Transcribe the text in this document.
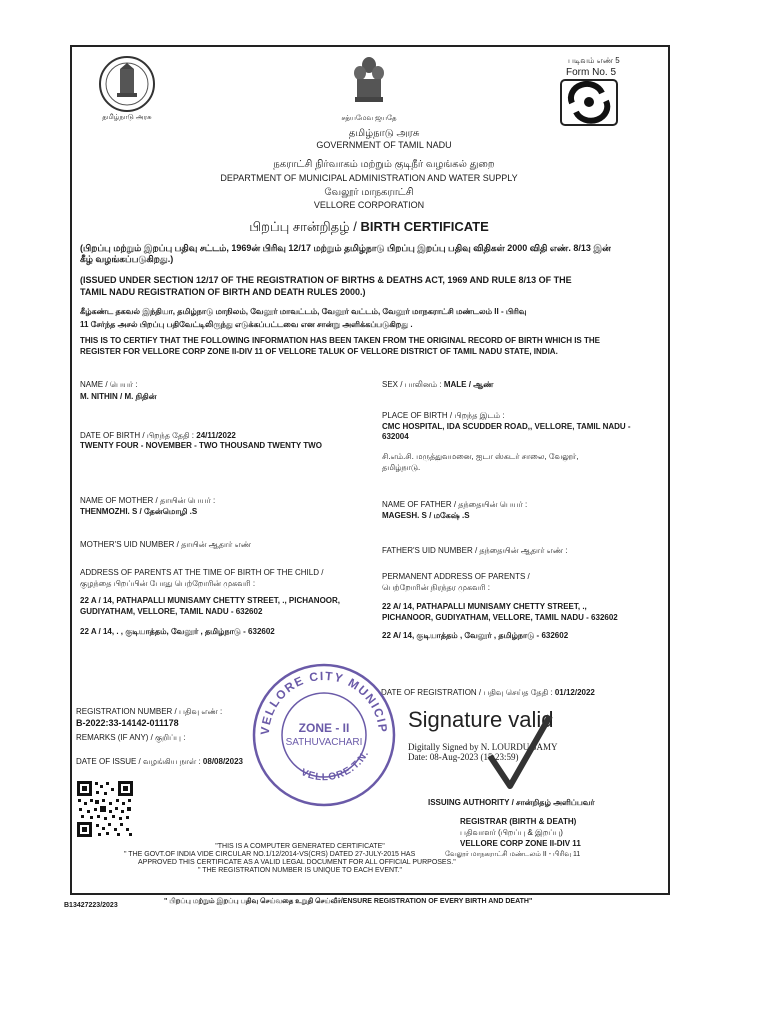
தமிழ்நாடு அரசு	சத்யமேவ ஜயதே
படிவம் எண் 5
Form No. 5
தமிழ்நாடு அரசு
GOVERNMENT OF TAMIL NADU
நகராட்சி நிர்வாகம் மற்றும் குடிநீர் வழங்கல் துறை
DEPARTMENT OF MUNICIPAL ADMINISTRATION AND WATER SUPPLY
வேலூர் மாநகராட்சி
VELLORE CORPORATION
பிறப்பு சான்றிதழ் / BIRTH CERTIFICATE
(பிறப்பு மற்றும் இறப்பு பதிவு சட்டம், 1969ன் பிரிவு 12/17 மற்றும் தமிழ்நாடு பிறப்பு இறப்பு பதிவு விதிகள் 2000 விதி எண். 8/13 இன்
கீழ் வழங்கப்படுகிறது.)
(ISSUED UNDER SECTION 12/17 OF THE REGISTRATION OF BIRTHS & DEATHS ACT, 1969 AND RULE 8/13 OF THE
TAMIL NADU REGISTRATION OF BIRTH AND DEATH RULES 2000.)
கீழ்கண்ட தகவல் இந்தியா, தமிழ்நாடு மாநிலம், வேலூர் மாவட்டம், வேலூர் வட்டம், வேலூர் மாநகராட்சி மண்டலம் II - பிரிவு
11 சேர்ந்த அசல் பிறப்பு பதிவேட்டிலிருந்து எடுக்கப்பட்டவை என சான்று அளிக்கப்படுகிறது .
THIS IS TO CERTIFY THAT THE FOLLOWING INFORMATION HAS BEEN TAKEN FROM THE ORIGINAL RECORD OF BIRTH WHICH IS THE
REGISTER FOR VELLORE CORP ZONE II-DIV 11 OF VELLORE TALUK OF VELLORE DISTRICT OF TAMIL NADU STATE, INDIA.
NAME / பெயர் :
M. NITHIN / M. நிதின்
DATE OF BIRTH / பிறந்த தேதி : 24/11/2022
TWENTY FOUR - NOVEMBER - TWO THOUSAND TWENTY TWO
NAME OF MOTHER / தாயின் பெயர் :
THENMOZHI. S / தேன்மொழி .S
MOTHER'S UID NUMBER / தாயின் ஆதார் எண்
ADDRESS OF PARENTS AT THE TIME OF BIRTH OF THE CHILD /
குழந்தை பிறப்பின் போது பெற்றோரின் முகவரி :
22 A / 14, PATHAPALLI MUNISAMY CHETTY STREET, ., PICHANOOR,
GUDIYATHAM, VELLORE, TAMIL NADU - 632602
22 A / 14, . , குடியாத்தம், வேலூர் , தமிழ்நாடு - 632602
SEX / பாலினம் : MALE / ஆண்
PLACE OF BIRTH / பிறந்த இடம் :
CMC HOSPITAL, IDA SCUDDER ROAD,, VELLORE, TAMIL NADU -
632004
சி.எம்.சி. மருத்துவமனை, ஐடா ஸ்கடர் சாலை, வேலூர்,
தமிழ்நாடு.
NAME OF FATHER / தந்தையின் பெயர் :
MAGESH. S / மகேஷ் .S
FATHER'S UID NUMBER / தந்தையின் ஆதார் எண் :
PERMANENT ADDRESS OF PARENTS /
பெற்றோரின் நிரந்தர முகவரி :
22 A/ 14, PATHAPALLI MUNISAMY CHETTY STREET, .,
PICHANOOR, GUDIYATHAM, VELLORE, TAMIL NADU - 632602
22 A/ 14, குடியாத்தம் , வேலூர் , தமிழ்நாடு - 632602
DATE OF REGISTRATION / பதிவு செய்த தேதி : 01/12/2022
REGISTRATION NUMBER / பதிவு எண் :
B-2022:33-14142-011178
REMARKS (IF ANY) / குறிப்பு :
DATE OF ISSUE / வழங்கிய நாள் : 08/08/2023
VELLORE CITY MUNICIP
VELLORE.T.N.
ZONE - II
SATHUVACHARI
Signature valid
Digitally Signed by N. LOURDU SAMY
Date: 08-Aug-2023 (15:23:59)
ISSUING AUTHORITY / சான்றிதழ் அளிப்பவர்
REGISTRAR (BIRTH & DEATH)
பதிவாளர் (பிறப்பு & இறப்பு)
VELLORE CORP ZONE II-DIV 11
வேலூர் மாநகராட்சி மண்டலம் II - பிரிவு 11
"THIS IS A COMPUTER GENERATED CERTIFICATE"
" THE GOVT.OF INDIA VIDE CIRCULAR NO.1/12/2014-VS(CRS) DATED 27-JULY-2015 HAS
APPROVED THIS CERTIFICATE AS A VALID LEGAL DOCUMENT FOR ALL OFFICIAL PURPOSES."
" THE REGISTRATION NUMBER IS UNIQUE TO EACH EVENT."
B13427223/2023
" பிறப்பு மற்றும் இறப்பு பதிவு செய்வதை உறுதி செய்வீர்/ENSURE REGISTRATION OF EVERY BIRTH AND DEATH"
